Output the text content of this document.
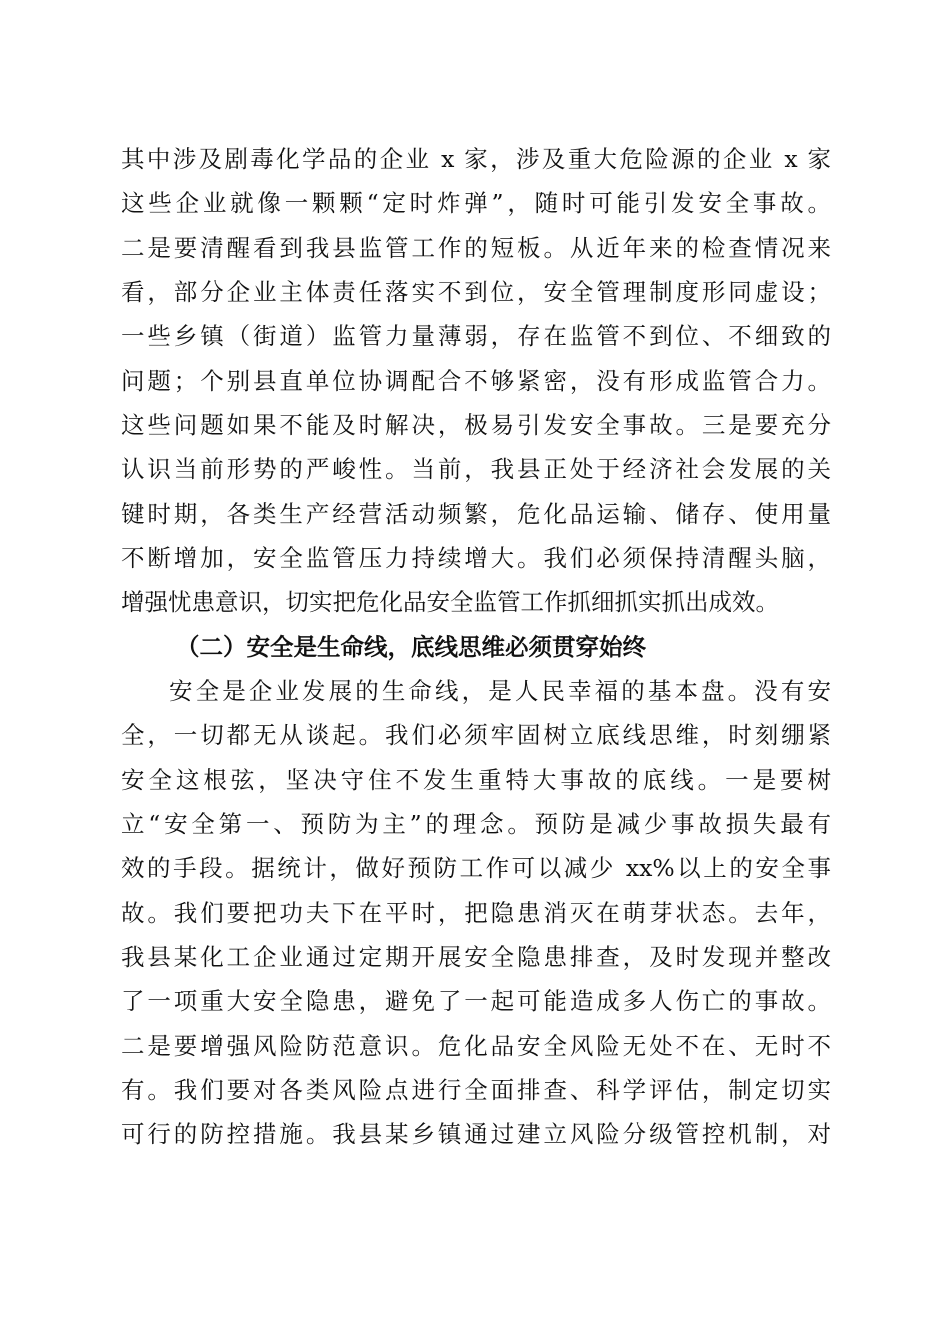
其中涉及剧毒化学品的企业 x 家，涉及重大危险源的企业 x 家
这些企业就像一颗颗“定时炸弹”，随时可能引发安全事故。
二是要清醒看到我县监管工作的短板。从近年来的检查情况来
看，部分企业主体责任落实不到位，安全管理制度形同虚设；
一些乡镇（街道）监管力量薄弱，存在监管不到位、不细致的
问题；个别县直单位协调配合不够紧密，没有形成监管合力。
这些问题如果不能及时解决，极易引发安全事故。三是要充分
认识当前形势的严峻性。当前，我县正处于经济社会发展的关
键时期，各类生产经营活动频繁，危化品运输、储存、使用量
不断增加，安全监管压力持续增大。我们必须保持清醒头脑，
增强忧患意识，切实把危化品安全监管工作抓细抓实抓出成效。
（二）安全是生命线，底线思维必须贯穿始终
安全是企业发展的生命线，是人民幸福的基本盘。没有安
全，一切都无从谈起。我们必须牢固树立底线思维，时刻绷紧
安全这根弦，坚决守住不发生重特大事故的底线。一是要树
立“安全第一、预防为主”的理念。预防是减少事故损失最有
效的手段。据统计，做好预防工作可以减少 xx%以上的安全事
故。我们要把功夫下在平时，把隐患消灭在萌芽状态。去年，
我县某化工企业通过定期开展安全隐患排查，及时发现并整改
了一项重大安全隐患，避免了一起可能造成多人伤亡的事故。
二是要增强风险防范意识。危化品安全风险无处不在、无时不
有。我们要对各类风险点进行全面排查、科学评估，制定切实
可行的防控措施。我县某乡镇通过建立风险分级管控机制，对
